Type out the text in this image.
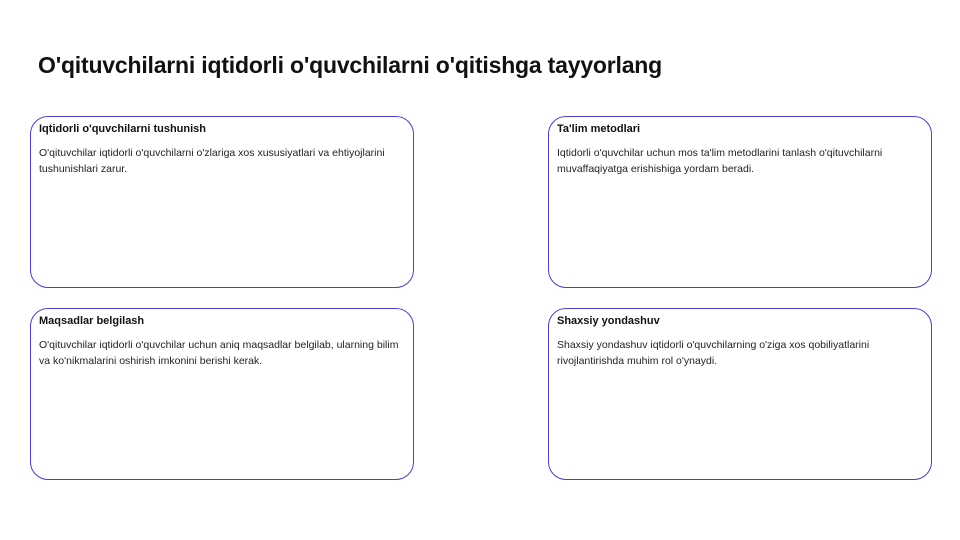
O'qituvchilarni iqtidorli o'quvchilarni o'qitishga tayyorlang

Iqtidorli o'quvchilarni tushunish

O'qituvchilar iqtidorli o'quvchilarni o'zlariga xos xususiyatlari va ehtiyojlarini tushunishlari zarur.

Ta'lim metodlari

Iqtidorli o'quvchilar uchun mos ta'lim metodlarini tanlash o'qituvchilarni muvaffaqiyatga erishishiga yordam beradi.

Maqsadlar belgilash

O'qituvchilar iqtidorli o'quvchilar uchun aniq maqsadlar belgilab, ularning bilim va ko'nikmalarini oshirish imkonini berishi kerak.

Shaxsiy yondashuv

Shaxsiy yondashuv iqtidorli o'quvchilarning o'ziga xos qobiliyatlarini rivojlantirishda muhim rol o'ynaydi.
